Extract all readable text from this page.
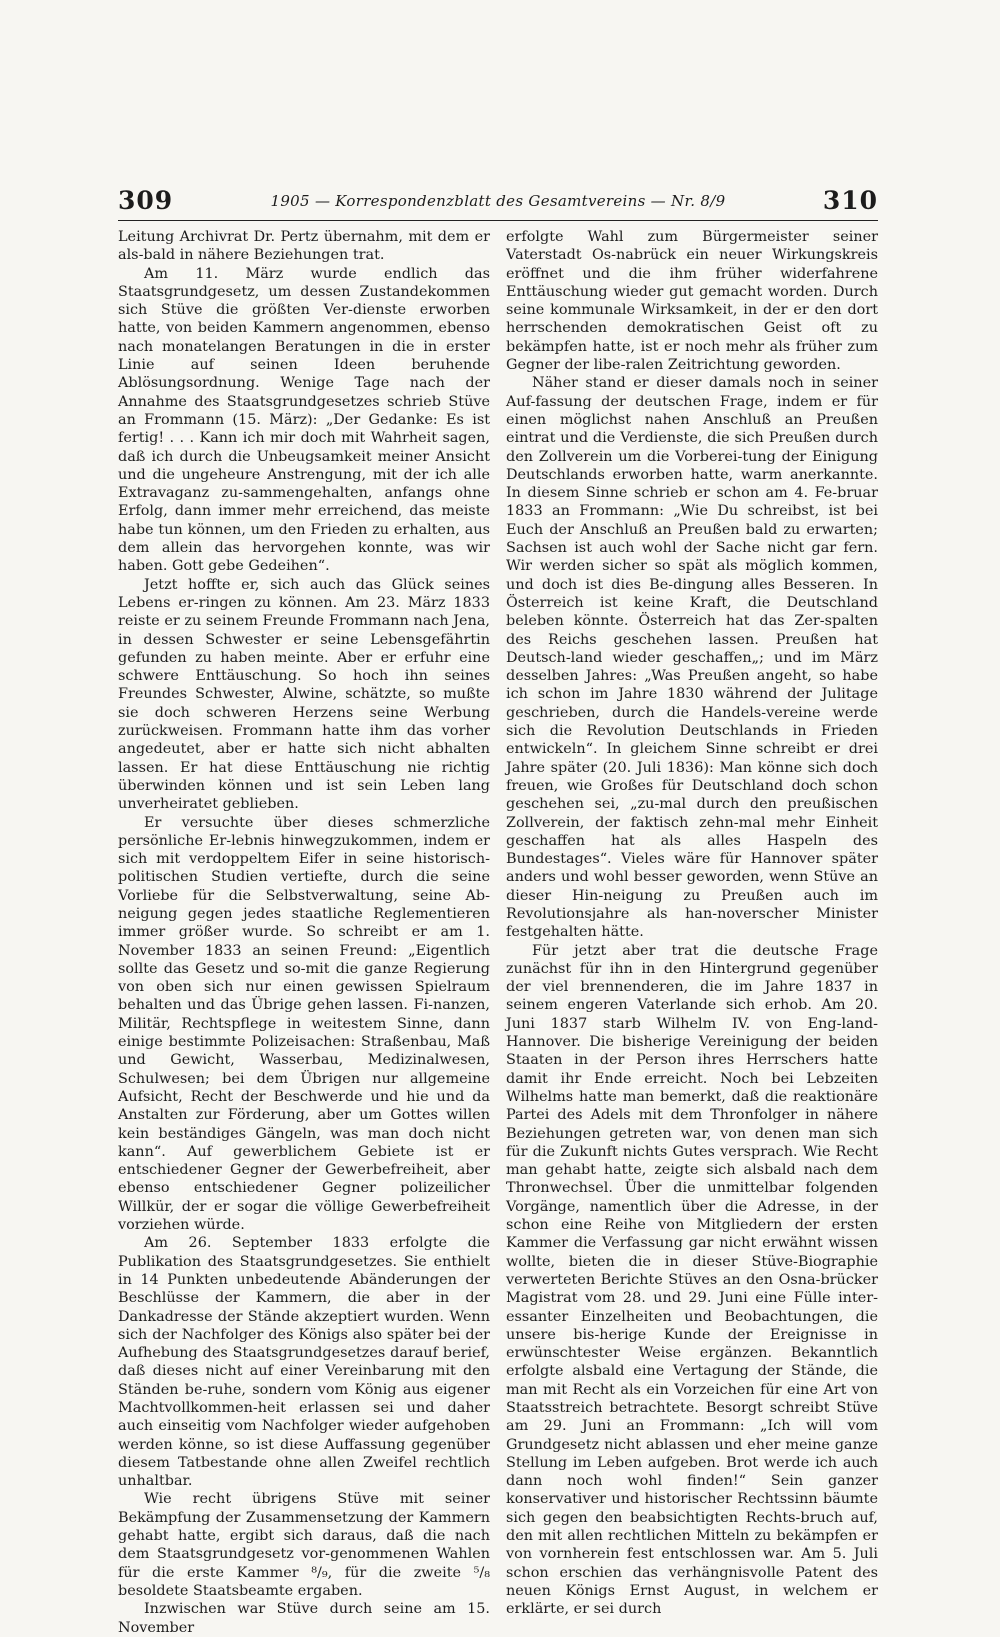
309	1905 — Korrespondenzblatt des Gesamtvereins — Nr. 8/9	310

Leitung Archivrat Dr. Pertz übernahm, mit dem er als-bald in nähere Beziehungen trat.

Am 11. März wurde endlich das Staatsgrundgesetz, um dessen Zustandekommen sich Stüve die größten Ver-dienste erworben hatte, von beiden Kammern angenommen, ebenso nach monatelangen Beratungen in die in erster Linie auf seinen Ideen beruhende Ablösungsordnung. Wenige Tage nach der Annahme des Staatsgrundgesetzes schrieb Stüve an Frommann (15. März): „Der Gedanke: Es ist fertig! . . . Kann ich mir doch mit Wahrheit sagen, daß ich durch die Unbeugsamkeit meiner Ansicht und die ungeheure Anstrengung, mit der ich alle Extravaganz zu-sammengehalten, anfangs ohne Erfolg, dann immer mehr erreichend, das meiste habe tun können, um den Frieden zu erhalten, aus dem allein das hervorgehen konnte, was wir haben. Gott gebe Gedeihen“.

Jetzt hoffte er, sich auch das Glück seines Lebens er-ringen zu können. Am 23. März 1833 reiste er zu seinem Freunde Frommann nach Jena, in dessen Schwester er seine Lebensgefährtin gefunden zu haben meinte. Aber er erfuhr eine schwere Enttäuschung. So hoch ihn seines Freundes Schwester, Alwine, schätzte, so mußte sie doch schweren Herzens seine Werbung zurückweisen. Frommann hatte ihm das vorher angedeutet, aber er hatte sich nicht abhalten lassen. Er hat diese Enttäuschung nie richtig überwinden können und ist sein Leben lang unverheiratet geblieben.

Er versuchte über dieses schmerzliche persönliche Er-lebnis hinwegzukommen, indem er sich mit verdoppeltem Eifer in seine historisch-politischen Studien vertiefte, durch die seine Vorliebe für die Selbstverwaltung, seine Ab-neigung gegen jedes staatliche Reglementieren immer größer wurde. So schreibt er am 1. November 1833 an seinen Freund: „Eigentlich sollte das Gesetz und so-mit die ganze Regierung von oben sich nur einen gewissen Spielraum behalten und das Übrige gehen lassen. Fi-nanzen, Militär, Rechtspflege in weitestem Sinne, dann einige bestimmte Polizeisachen: Straßenbau, Maß und Gewicht, Wasserbau, Medizinalwesen, Schulwesen; bei dem Übrigen nur allgemeine Aufsicht, Recht der Beschwerde und hie und da Anstalten zur Förderung, aber um Gottes willen kein beständiges Gängeln, was man doch nicht kann“. Auf gewerblichem Gebiete ist er entschiedener Gegner der Gewerbefreiheit, aber ebenso entschiedener Gegner polizeilicher Willkür, der er sogar die völlige Gewerbefreiheit vorziehen würde.

Am 26. September 1833 erfolgte die Publikation des Staatsgrundgesetzes. Sie enthielt in 14 Punkten unbedeutende Abänderungen der Beschlüsse der Kammern, die aber in der Dankadresse der Stände akzeptiert wurden. Wenn sich der Nachfolger des Königs also später bei der Aufhebung des Staatsgrundgesetzes darauf berief, daß dieses nicht auf einer Vereinbarung mit den Ständen be-ruhe, sondern vom König aus eigener Machtvollkommen-heit erlassen sei und daher auch einseitig vom Nachfolger wieder aufgehoben werden könne, so ist diese Auffassung gegenüber diesem Tatbestande ohne allen Zweifel rechtlich unhaltbar.

Wie recht übrigens Stüve mit seiner Bekämpfung der Zusammensetzung der Kammern gehabt hatte, ergibt sich daraus, daß die nach dem Staatsgrundgesetz vor-genommenen Wahlen für die erste Kammer ⁸/₉, für die zweite ⁵/₈ besoldete Staatsbeamte ergaben.

Inzwischen war Stüve durch seine am 15. November

erfolgte Wahl zum Bürgermeister seiner Vaterstadt Os-nabrück ein neuer Wirkungskreis eröffnet und die ihm früher widerfahrene Enttäuschung wieder gut gemacht worden. Durch seine kommunale Wirksamkeit, in der er den dort herrschenden demokratischen Geist oft zu bekämpfen hatte, ist er noch mehr als früher zum Gegner der libe-ralen Zeitrichtung geworden.

Näher stand er dieser damals noch in seiner Auf-fassung der deutschen Frage, indem er für einen möglichst nahen Anschluß an Preußen eintrat und die Verdienste, die sich Preußen durch den Zollverein um die Vorberei-tung der Einigung Deutschlands erworben hatte, warm anerkannte. In diesem Sinne schrieb er schon am 4. Fe-bruar 1833 an Frommann: „Wie Du schreibst, ist bei Euch der Anschluß an Preußen bald zu erwarten; Sachsen ist auch wohl der Sache nicht gar fern. Wir werden sicher so spät als möglich kommen, und doch ist dies Be-dingung alles Besseren. In Österreich ist keine Kraft, die Deutschland beleben könnte. Österreich hat das Zer-spalten des Reichs geschehen lassen. Preußen hat Deutsch-land wieder geschaffen„; und im März desselben Jahres: „Was Preußen angeht, so habe ich schon im Jahre 1830 während der Julitage geschrieben, durch die Handels-vereine werde sich die Revolution Deutschlands in Frieden entwickeln“. In gleichem Sinne schreibt er drei Jahre später (20. Juli 1836): Man könne sich doch freuen, wie Großes für Deutschland doch schon geschehen sei, „zu-mal durch den preußischen Zollverein, der faktisch zehn-mal mehr Einheit geschaffen hat als alles Haspeln des Bundestages“. Vieles wäre für Hannover später anders und wohl besser geworden, wenn Stüve an dieser Hin-neigung zu Preußen auch im Revolutionsjahre als han-noverscher Minister festgehalten hätte.

Für jetzt aber trat die deutsche Frage zunächst für ihn in den Hintergrund gegenüber der viel brennenderen, die im Jahre 1837 in seinem engeren Vaterlande sich erhob. Am 20. Juni 1837 starb Wilhelm IV. von Eng-land-Hannover. Die bisherige Vereinigung der beiden Staaten in der Person ihres Herrschers hatte damit ihr Ende erreicht. Noch bei Lebzeiten Wilhelms hatte man bemerkt, daß die reaktionäre Partei des Adels mit dem Thronfolger in nähere Beziehungen getreten war, von denen man sich für die Zukunft nichts Gutes versprach. Wie Recht man gehabt hatte, zeigte sich alsbald nach dem Thronwechsel. Über die unmittelbar folgenden Vorgänge, namentlich über die Adresse, in der schon eine Reihe von Mitgliedern der ersten Kammer die Verfassung gar nicht erwähnt wissen wollte, bieten die in dieser Stüve-Biographie verwerteten Berichte Stüves an den Osna-brücker Magistrat vom 28. und 29. Juni eine Fülle inter-essanter Einzelheiten und Beobachtungen, die unsere bis-herige Kunde der Ereignisse in erwünschtester Weise ergänzen. Bekanntlich erfolgte alsbald eine Vertagung der Stände, die man mit Recht als ein Vorzeichen für eine Art von Staatsstreich betrachtete. Besorgt schreibt Stüve am 29. Juni an Frommann: „Ich will vom Grundgesetz nicht ablassen und eher meine ganze Stellung im Leben aufgeben. Brot werde ich auch dann noch wohl finden!“ Sein ganzer konservativer und historischer Rechtssinn bäumte sich gegen den beabsichtigten Rechts-bruch auf, den mit allen rechtlichen Mitteln zu bekämpfen er von vornherein fest entschlossen war. Am 5. Juli schon erschien das verhängnisvolle Patent des neuen Königs Ernst August, in welchem er erklärte, er sei durch
